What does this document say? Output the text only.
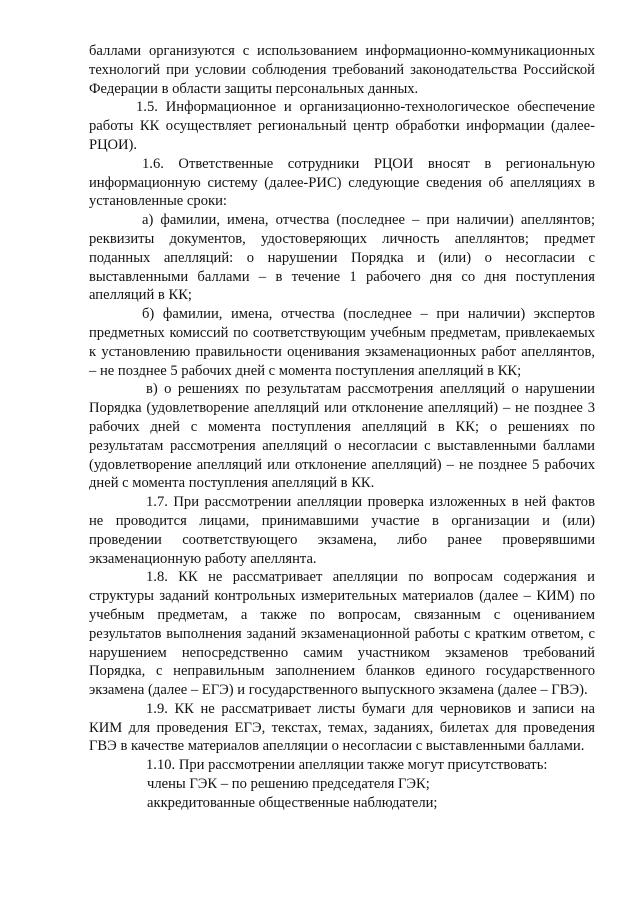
баллами организуются с использованием информационно-коммуникационных технологий при условии соблюдения требований законодательства Российской Федерации в области защиты персональных данных.

1.5. Информационное и организационно-технологическое обеспечение работы КК осуществляет региональный центр обработки информации (далее-РЦОИ).

1.6. Ответственные сотрудники РЦОИ вносят в региональную информационную систему (далее-РИС) следующие сведения об апелляциях в установленные сроки:

а) фамилии, имена, отчества (последнее – при наличии) апеллянтов; реквизиты документов, удостоверяющих личность апеллянтов; предмет поданных апелляций: о нарушении Порядка и (или) о несогласии с выставленными баллами – в течение 1 рабочего дня со дня поступления апелляций в КК;

б) фамилии, имена, отчества (последнее – при наличии) экспертов предметных комиссий по соответствующим учебным предметам, привлекаемых к установлению правильности оценивания экзаменационных работ апеллянтов, – не позднее 5 рабочих дней с момента поступления апелляций в КК;

в) о решениях по результатам рассмотрения апелляций о нарушении Порядка (удовлетворение апелляций или отклонение апелляций) – не позднее 3 рабочих дней с момента поступления апелляций в КК; о решениях по результатам рассмотрения апелляций о несогласии с выставленными баллами (удовлетворение апелляций или отклонение апелляций) – не позднее 5 рабочих дней с момента поступления апелляций в КК.

1.7. При рассмотрении апелляции проверка изложенных в ней фактов не проводится лицами, принимавшими участие в организации и (или) проведении соответствующего экзамена, либо ранее проверявшими экзаменационную работу апеллянта.

1.8. КК не рассматривает апелляции по вопросам содержания и структуры заданий контрольных измерительных материалов (далее – КИМ) по учебным предметам, а также по вопросам, связанным с оцениванием результатов выполнения заданий экзаменационной работы с кратким ответом, с нарушением непосредственно самим участником экзаменов требований Порядка, с неправильным заполнением бланков единого государственного экзамена (далее – ЕГЭ) и государственного выпускного экзамена (далее – ГВЭ).

1.9. КК не рассматривает листы бумаги для черновиков и записи на КИМ для проведения ЕГЭ, текстах, темах, заданиях, билетах для проведения ГВЭ в качестве материалов апелляции о несогласии с выставленными баллами.

1.10. При рассмотрении апелляции также могут присутствовать:

члены ГЭК – по решению председателя ГЭК;

аккредитованные общественные наблюдатели;
